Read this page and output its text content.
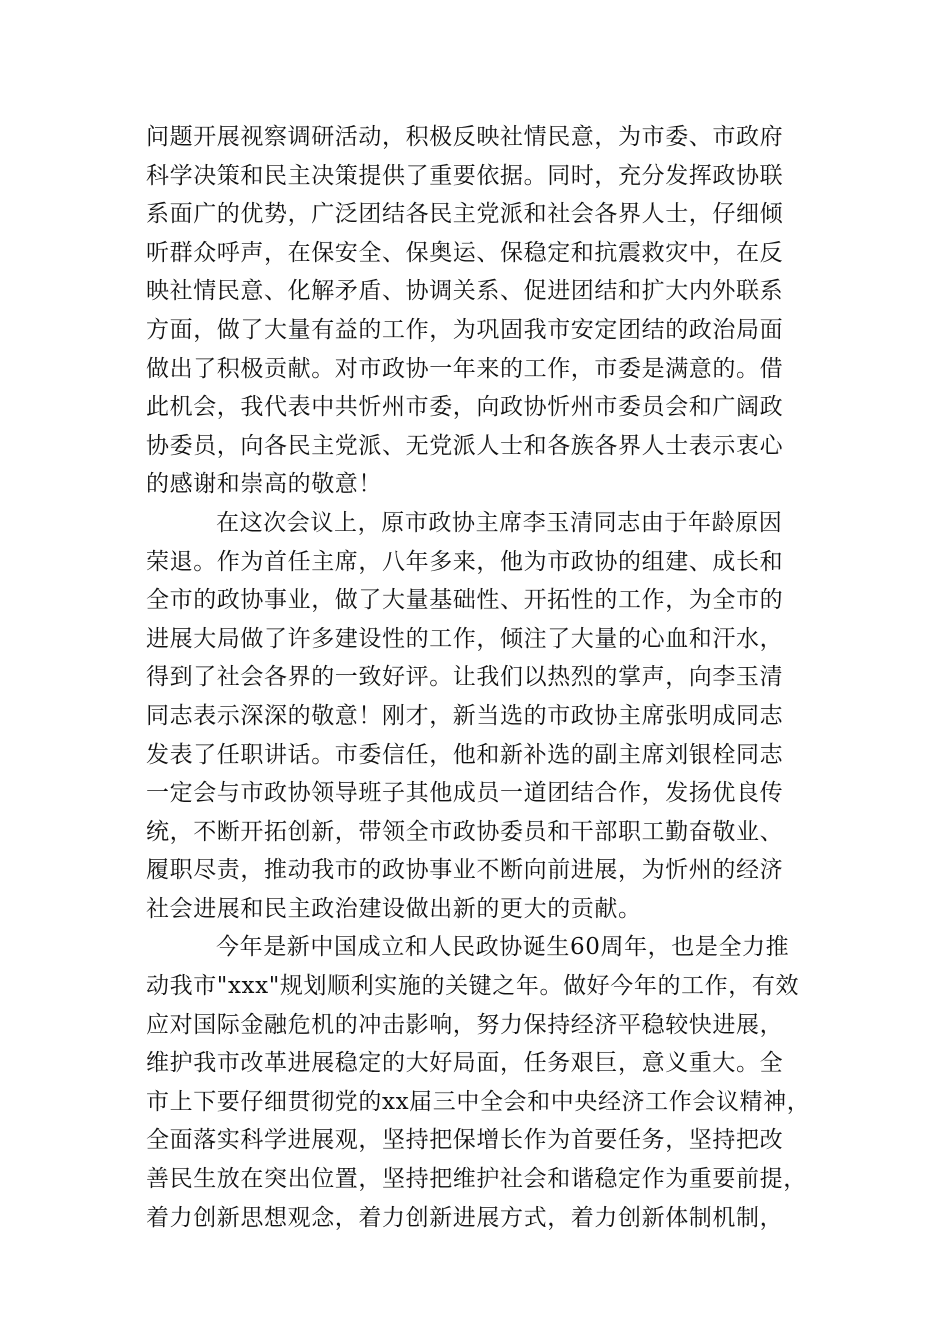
问题开展视察调研活动，积极反映社情民意，为市委、市政府
科学决策和民主决策提供了重要依据。同时，充分发挥政协联
系面广的优势，广泛团结各民主党派和社会各界人士，仔细倾
听群众呼声，在保安全、保奥运、保稳定和抗震救灾中，在反
映社情民意、化解矛盾、协调关系、促进团结和扩大内外联系
方面，做了大量有益的工作，为巩固我市安定团结的政治局面
做出了积极贡献。对市政协一年来的工作，市委是满意的。借
此机会，我代表中共忻州市委，向政协忻州市委员会和广阔政
协委员，向各民主党派、无党派人士和各族各界人士表示衷心
的感谢和崇高的敬意！
在这次会议上，原市政协主席李玉清同志由于年龄原因
荣退。作为首任主席，八年多来，他为市政协的组建、成长和
全市的政协事业，做了大量基础性、开拓性的工作，为全市的
进展大局做了许多建设性的工作，倾注了大量的心血和汗水，
得到了社会各界的一致好评。让我们以热烈的掌声，向李玉清
同志表示深深的敬意！刚才，新当选的市政协主席张明成同志
发表了任职讲话。市委信任，他和新补选的副主席刘银栓同志
一定会与市政协领导班子其他成员一道团结合作，发扬优良传
统，不断开拓创新，带领全市政协委员和干部职工勤奋敬业、
履职尽责，推动我市的政协事业不断向前进展，为忻州的经济
社会进展和民主政治建设做出新的更大的贡献。
今年是新中国成立和人民政协诞生60周年，也是全力推
动我市"xxx"规划顺利实施的关键之年。做好今年的工作，有效
应对国际金融危机的冲击影响，努力保持经济平稳较快进展，
维护我市改革进展稳定的大好局面，任务艰巨，意义重大。全
市上下要仔细贯彻党的xx届三中全会和中央经济工作会议精神，
全面落实科学进展观，坚持把保增长作为首要任务，坚持把改
善民生放在突出位置，坚持把维护社会和谐稳定作为重要前提，
着力创新思想观念，着力创新进展方式，着力创新体制机制，
